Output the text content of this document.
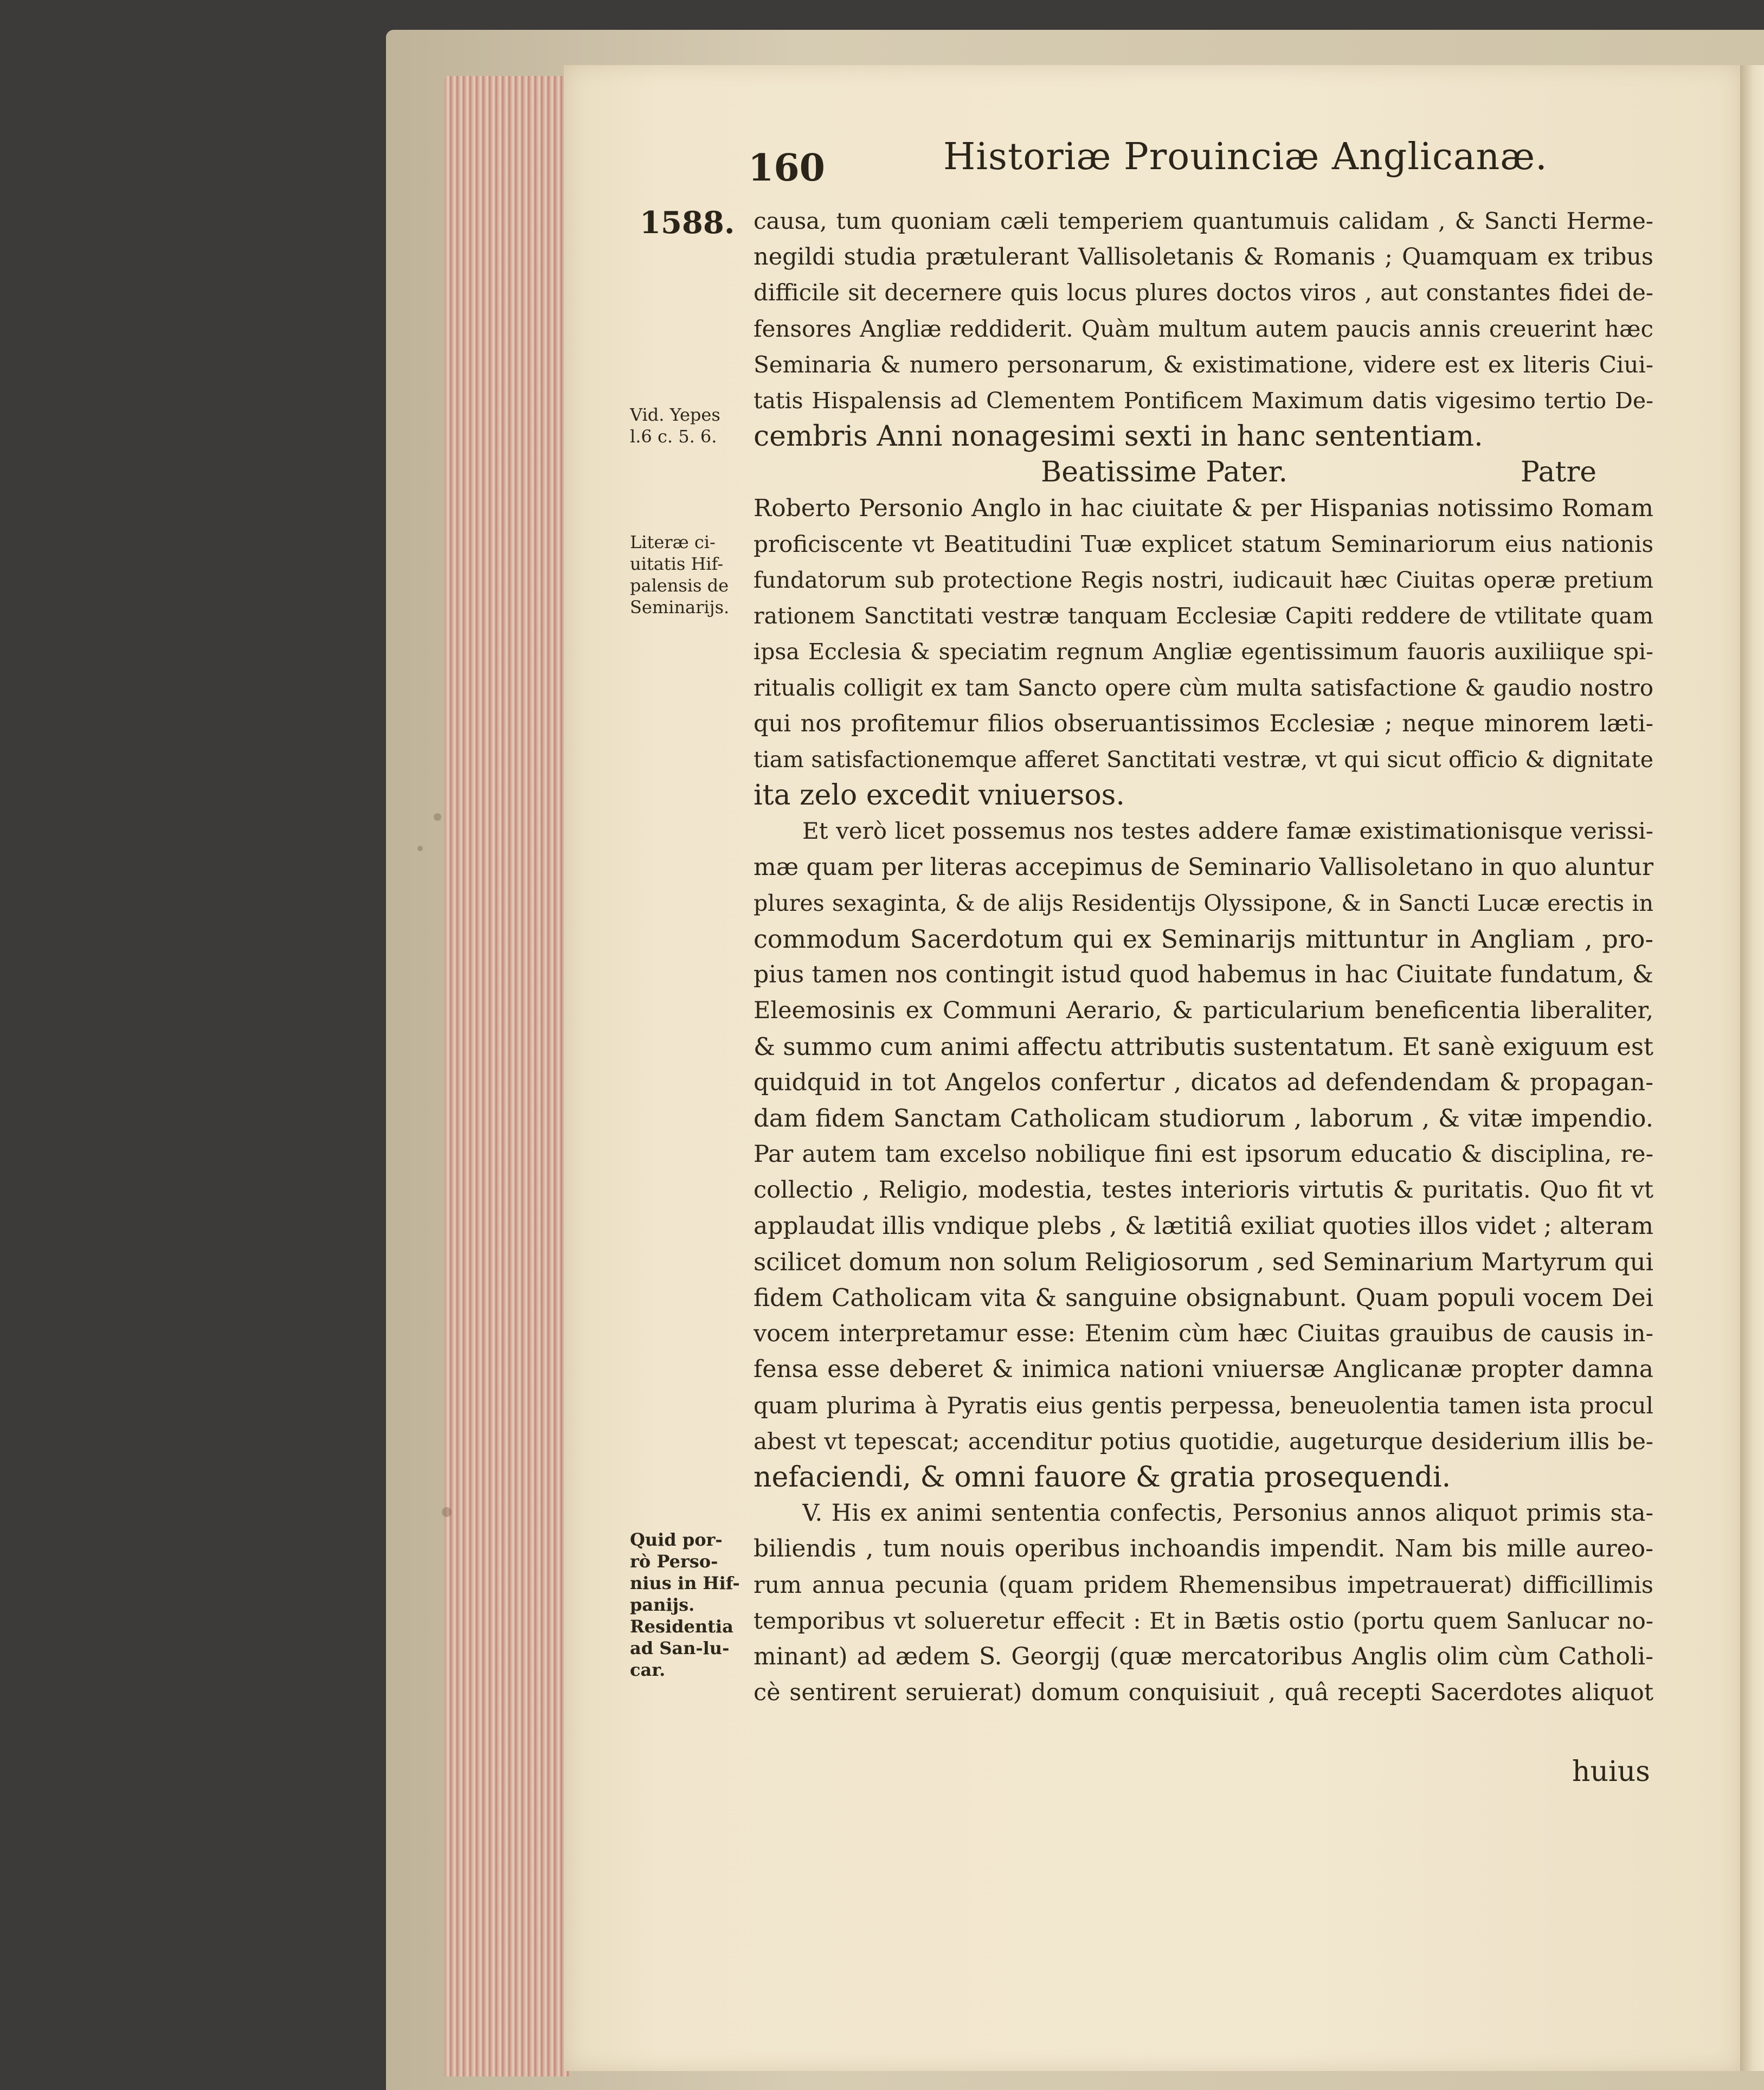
160	Historiæ Prouinciæ Anglicanæ.
1588. causa, tum quoniam cæli temperiem quantumuis calidam , & Sancti Herme-
negildi studia prætulerant Vallisoletanis & Romanis ; Quamquam ex tribus
difficile sit decernere quis locus plures doctos viros , aut constantes fidei de-
fensores Angliæ reddiderit. Quàm multum autem paucis annis creuerint hæc
Seminaria & numero personarum, & existimatione, videre est ex literis Ciui-
tatis Hispalensis ad Clementem Pontificem Maximum datis vigesimo tertio De-
cembris Anni nonagesimi sexti in hanc sententiam.
Beatissime Pater.                          Patre
Roberto Personio Anglo in hac ciuitate & per Hispanias notissimo Romam
proficiscente vt Beatitudini Tuæ explicet statum Seminariorum eius nationis
fundatorum sub protectione Regis nostri, iudicauit hæc Ciuitas operæ pretium
rationem Sanctitati vestræ tanquam Ecclesiæ Capiti reddere de vtilitate quam
ipsa Ecclesia & speciatim regnum Angliæ egentissimum fauoris auxiliique spi-
ritualis colligit ex tam Sancto opere cùm multa satisfactione & gaudio nostro
qui nos profitemur filios obseruantissimos Ecclesiæ ; neque minorem læti-
tiam satisfactionemque afferet Sanctitati vestræ, vt qui sicut officio & dignitate
ita zelo excedit vniuersos.
Et verò licet possemus nos testes addere famæ existimationisque verissi-
mæ quam per literas accepimus de Seminario Vallisoletano in quo aluntur
plures sexaginta, & de alijs Residentijs Olyssipone, & in Sancti Lucæ erectis in
commodum Sacerdotum qui ex Seminarijs mittuntur in Angliam , pro-
pius tamen nos contingit istud quod habemus in hac Ciuitate fundatum, &
Eleemosinis ex Communi Aerario, & particularium beneficentia liberaliter,
& summo cum animi affectu attributis sustentatum. Et sanè exiguum est
quidquid in tot Angelos confertur , dicatos ad defendendam & propagan-
dam fidem Sanctam Catholicam studiorum , laborum , & vitæ impendio.
Par autem tam excelso nobilique fini est ipsorum educatio & disciplina, re-
collectio , Religio, modestia, testes interioris virtutis & puritatis. Quo fit vt
applaudat illis vndique plebs , & lætitiâ exiliat quoties illos videt ; alteram
scilicet domum non solum Religiosorum , sed Seminarium Martyrum qui
fidem Catholicam vita & sanguine obsignabunt. Quam populi vocem Dei
vocem interpretamur esse: Etenim cùm hæc Ciuitas grauibus de causis in-
fensa esse deberet & inimica nationi vniuersæ Anglicanæ propter damna
quam plurima à Pyratis eius gentis perpessa, beneuolentia tamen ista procul
abest vt tepescat; accenditur potius quotidie, augeturque desiderium illis be-
nefaciendi, & omni fauore & gratia prosequendi.
V. His ex animi sententia confectis, Personius annos aliquot primis sta-
biliendis , tum nouis operibus inchoandis impendit. Nam bis mille aureo-
rum annua pecunia (quam pridem Rhemensibus impetrauerat) difficillimis
temporibus vt solueretur effecit : Et in Bætis ostio (portu quem Sanlucar no-
minant) ad ædem S. Georgij (quæ mercatoribus Anglis olim cùm Catholi-
cè sentirent seruierat) domum conquisiuit , quâ recepti Sacerdotes aliquot
Vid. Yepes
l.6 c. 5. 6.
Literæ ci-
uitatis Hif-
palensis de
Seminarijs.
Quid por-
rò Perso-
nius in Hif-
panijs.
Residentia
ad San-lu-
car.
huius
